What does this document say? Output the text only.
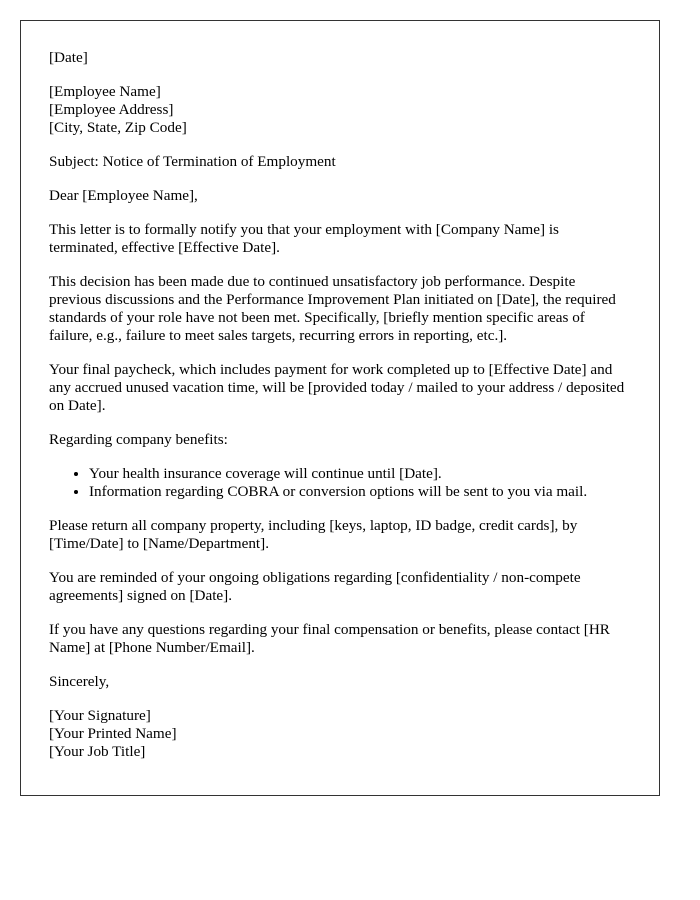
[Date]

[Employee Name]
[Employee Address]
[City, State, Zip Code]

Subject: Notice of Termination of Employment

Dear [Employee Name],

This letter is to formally notify you that your employment with [Company Name] is terminated, effective [Effective Date].

This decision has been made due to continued unsatisfactory job performance. Despite previous discussions and the Performance Improvement Plan initiated on [Date], the required standards of your role have not been met. Specifically, [briefly mention specific areas of failure, e.g., failure to meet sales targets, recurring errors in reporting, etc.].

Your final paycheck, which includes payment for work completed up to [Effective Date] and any accrued unused vacation time, will be [provided today / mailed to your address / deposited on Date].

Regarding company benefits:

• Your health insurance coverage will continue until [Date].
• Information regarding COBRA or conversion options will be sent to you via mail.

Please return all company property, including [keys, laptop, ID badge, credit cards], by [Time/Date] to [Name/Department].

You are reminded of your ongoing obligations regarding [confidentiality / non-compete agreements] signed on [Date].

If you have any questions regarding your final compensation or benefits, please contact [HR Name] at [Phone Number/Email].

Sincerely,

[Your Signature]
[Your Printed Name]
[Your Job Title]
